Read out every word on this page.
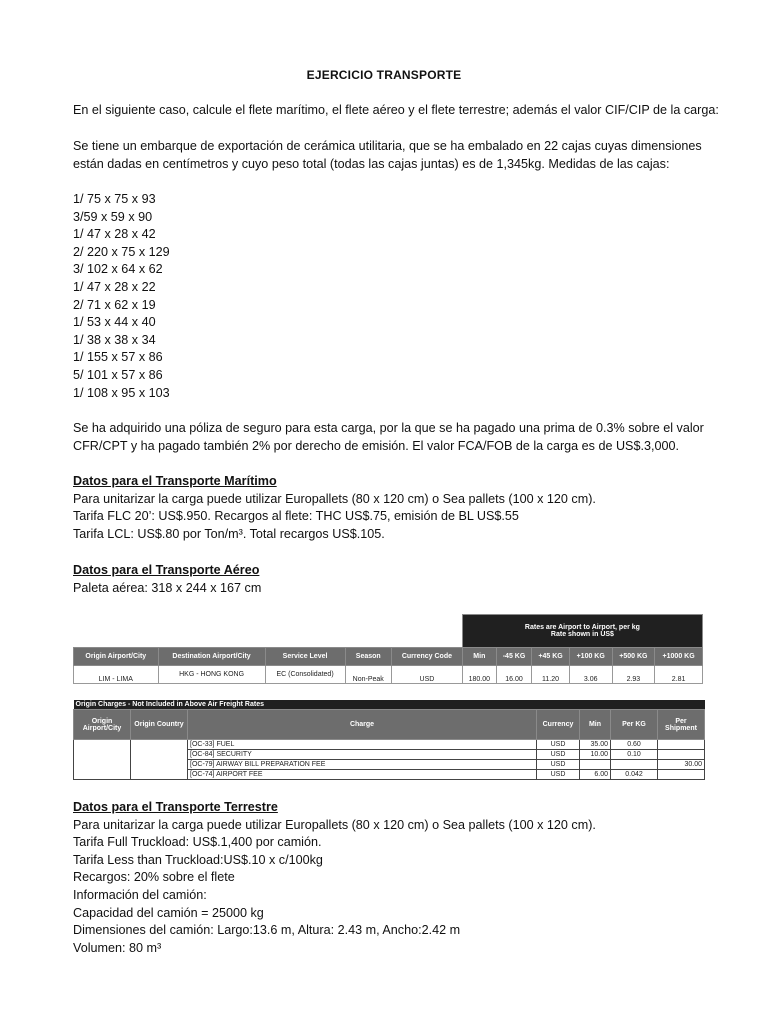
EJERCICIO TRANSPORTE
En el siguiente caso, calcule el flete marítimo, el flete aéreo y el flete terrestre; además el valor CIF/CIP de la carga:
Se tiene un embarque de exportación de cerámica utilitaria, que se ha embalado en 22 cajas cuyas dimensiones
están dadas en centímetros y cuyo peso total (todas las cajas juntas) es de 1,345kg. Medidas de las cajas:
1/ 75 x 75 x 93
3/59 x 59 x 90
1/ 47 x 28 x 42
2/ 220 x 75 x 129
3/ 102 x 64 x 62
1/ 47 x 28 x 22
2/ 71 x 62 x 19
1/ 53 x 44 x 40
1/ 38 x 38 x 34
1/ 155 x 57 x 86
5/ 101 x 57 x 86
1/ 108 x 95 x 103
Se ha adquirido una póliza de seguro para esta carga, por la que se ha pagado una prima de 0.3% sobre el valor
CFR/CPT y ha pagado también 2% por derecho de emisión. El valor FCA/FOB de la carga es de US$.3,000.
Datos para el Transporte Marítimo
Para unitarizar la carga puede utilizar Europallets (80 x 120 cm) o Sea pallets (100 x 120 cm).
Tarifa FLC 20’: US$.950. Recargos al flete: THC US$.75, emisión de BL US$.55
Tarifa LCL: US$.80 por Ton/m³. Total recargos US$.105.
Datos para el Transporte Aéreo
Paleta aérea: 318 x 244 x 167 cm

					Rates are Airport to Airport, per kg
Rate shown in US$					

Origin Airport/City	Destination Airport/City	Service Level	Season	Currency Code	Min	-45 KG	+45 KG	+100 KG	+500 KG	+1000 KG
LIM - LIMA	HKG - HONG KONG	EC (Consolidated)	Non-Peak	USD	180.00	16.00	11.20	3.06	2.93	2.81
Origin Charges - Not Included in Above Air Freight Rates						
Origin Airport/City	Origin Country	Charge	Currency	Min	Per KG	Per Shipment
		[OC-33] FUEL	USD	35.00	0.60	
		[OC-84] SECURITY	USD	10.00	0.10	
		[OC-79] AIRWAY BILL PREPARATION FEE	USD			30.00
		[OC-74] AIRPORT FEE	USD	6.00	0.042	
Datos para el Transporte Terrestre
Para unitarizar la carga puede utilizar Europallets (80 x 120 cm) o Sea pallets (100 x 120 cm).
Tarifa Full Truckload: US$.1,400 por camión.
Tarifa Less than Truckload:US$.10 x c/100kg
Recargos: 20% sobre el flete
Información del camión:
Capacidad del camión = 25000 kg
Dimensiones del camión: Largo:13.6 m, Altura: 2.43 m, Ancho:2.42 m
Volumen: 80 m³
